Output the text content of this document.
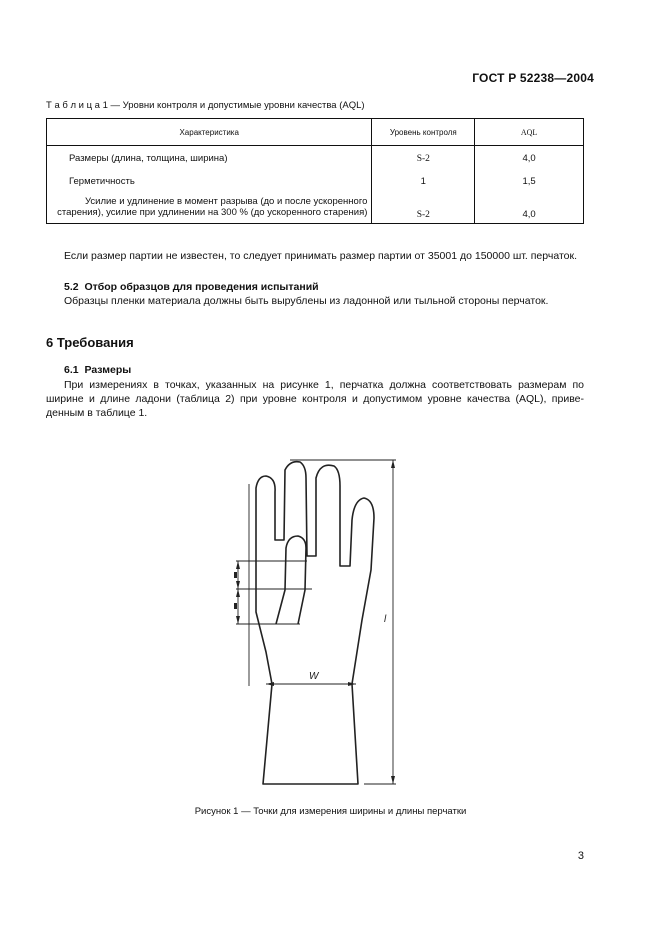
ГОСТ Р 52238—2004
Т а б л и ц а 1 — Уровни контроля и допустимые уровни качества (AQL)
Характеристика	Уровень контроля	AQL
Размеры (длина, толщина, ширина)	S-2	4,0
Герметичность	1	1,5

Усилие и удлинение в момент разрыва (до и после ускоренного
старения), усилие при удлинении на 300 % (до ускоренного старения)	S-2	4,0
Если размер партии не известен, то следует принимать размер партии от 35001 до 150000 шт. перчаток.
5.2 Отбор образцов для проведения испытаний
Образцы пленки материала должны быть вырублены из ладонной или тыльной стороны перчаток.
6 Требования
6.1 Размеры
При измерениях в точках, указанных на рисунке 1, перчатка должна соответствовать размерам по ширине и длине ладони (таблица 2) при уровне контроля и допустимом уровне качества (AQL), приве-денным в таблице 1.
W
l
Рисунок 1 — Точки для измерения ширины и длины перчатки
3
